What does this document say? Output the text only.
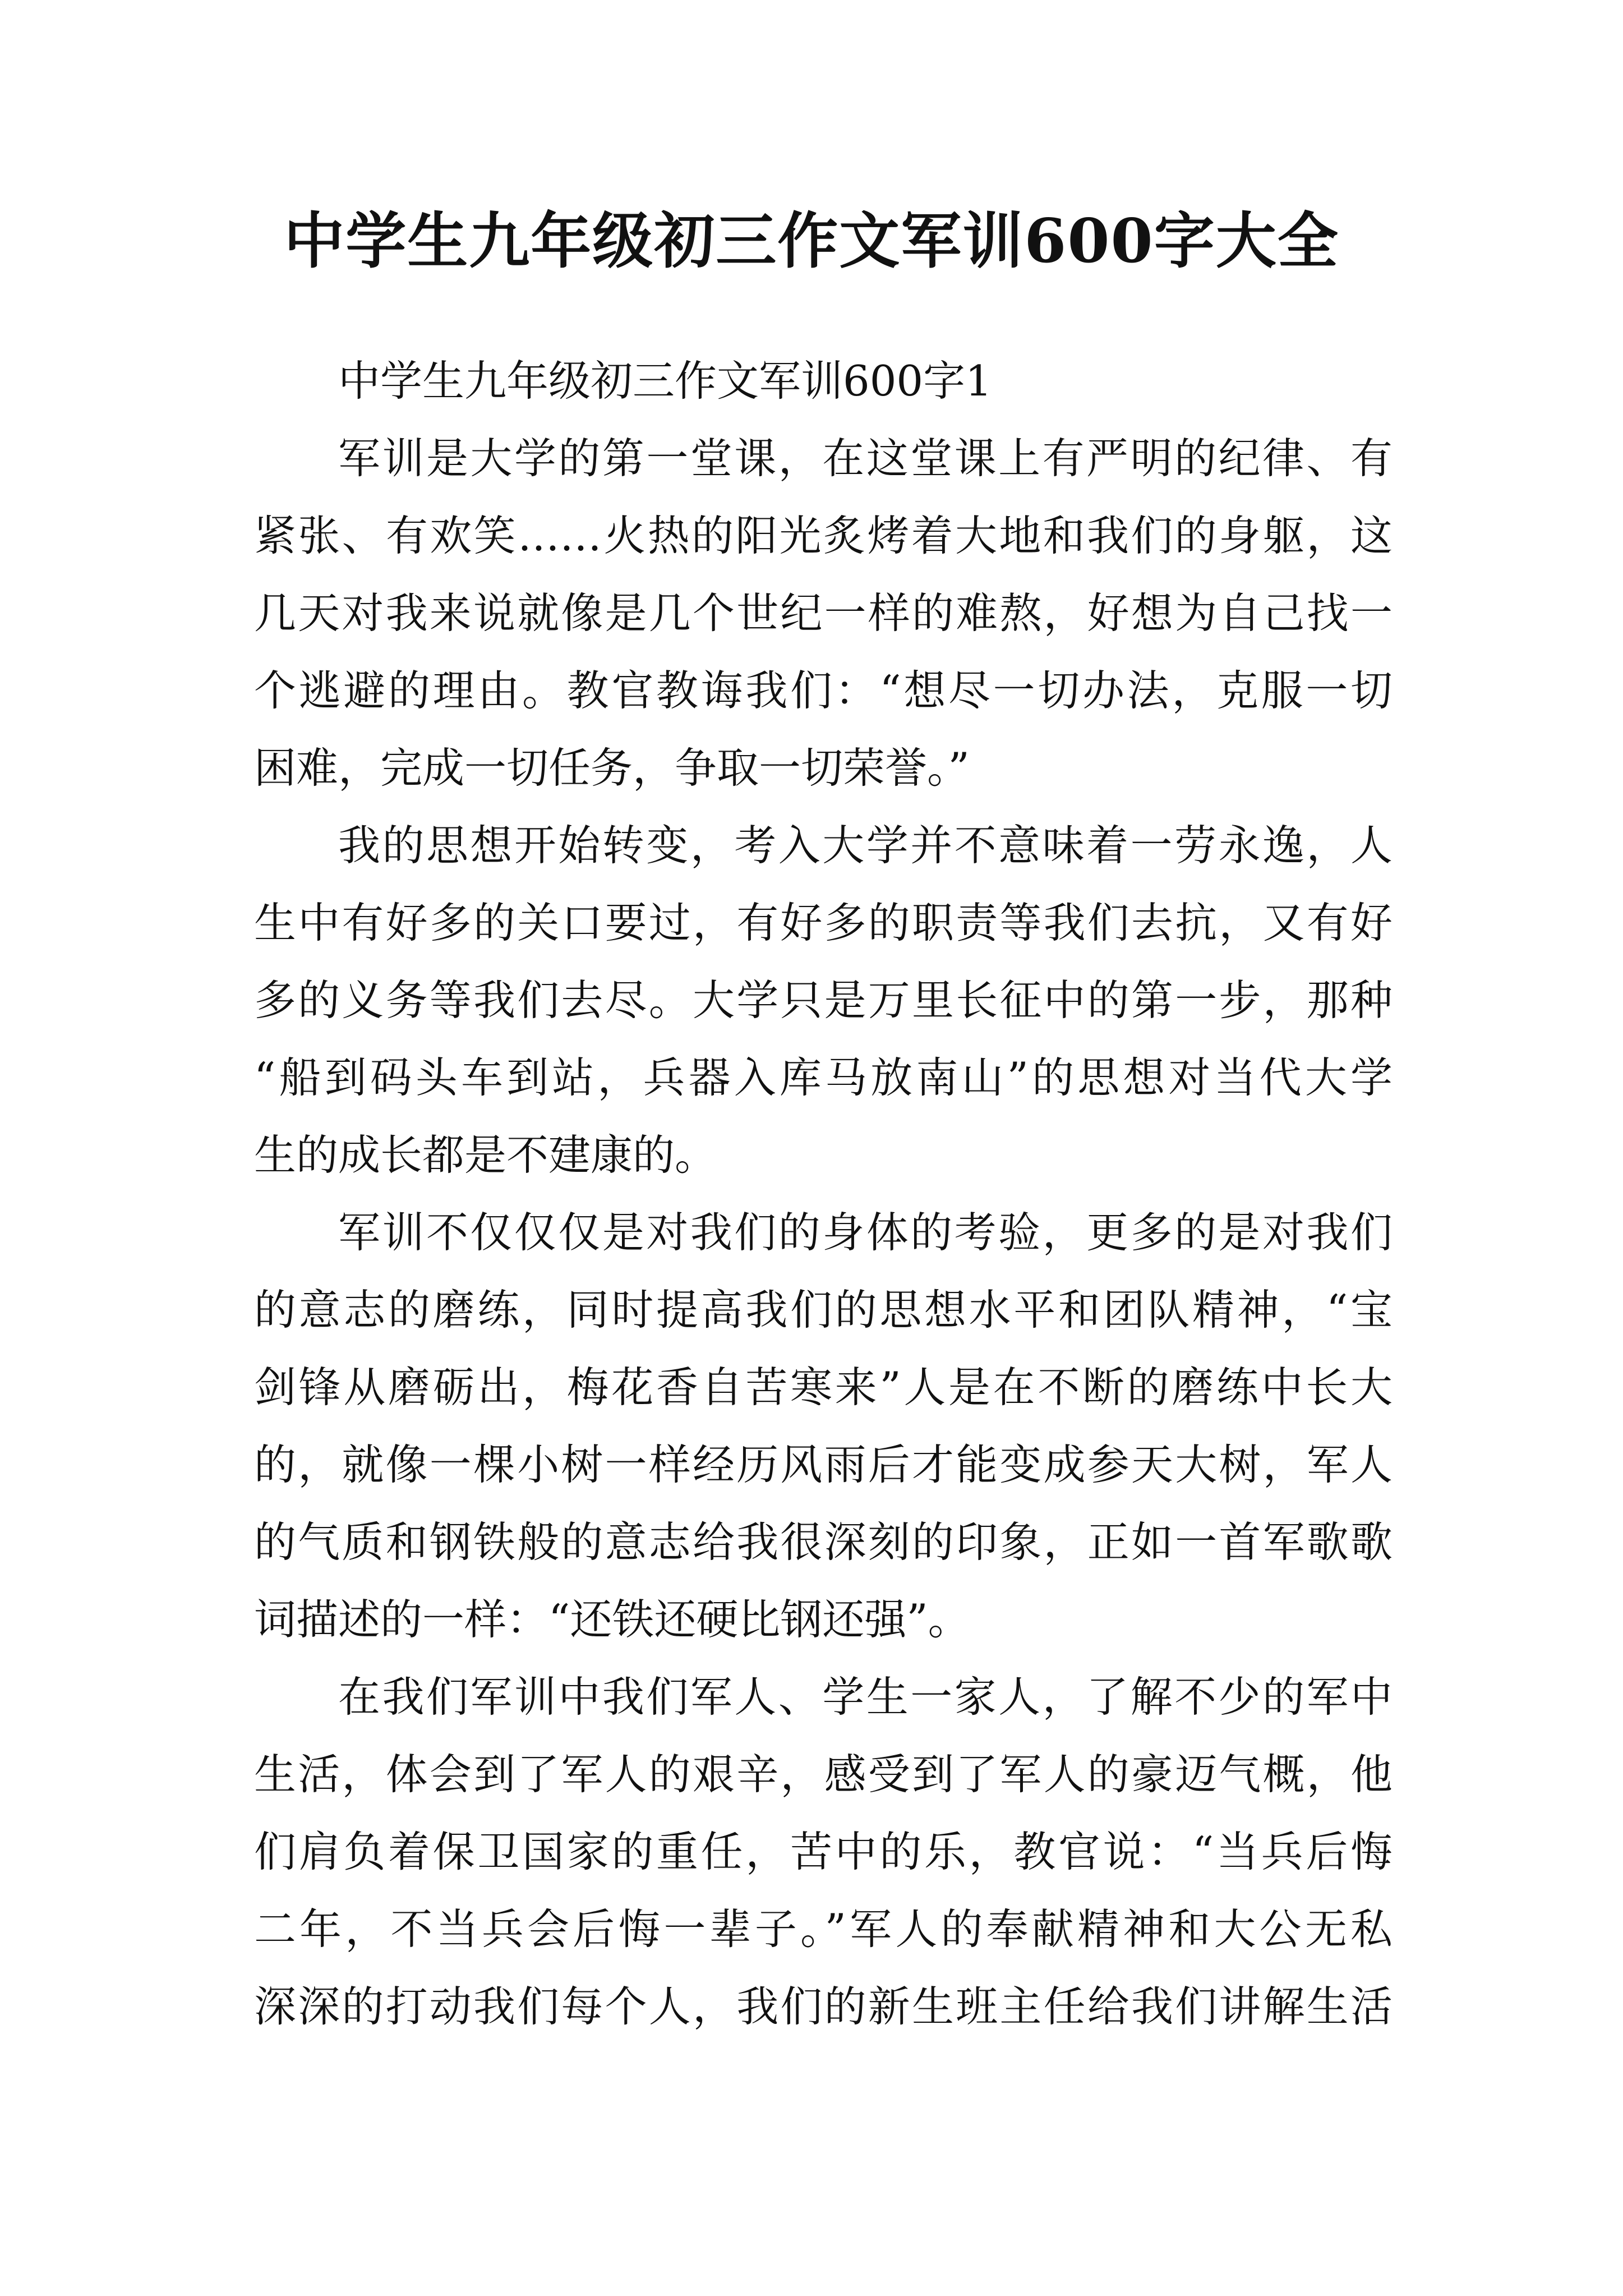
中学生九年级初三作文军训600字大全

中学生九年级初三作文军训600字1

军训是大学的第一堂课，在这堂课上有严明的纪律、有
紧张、有欢笑……火热的阳光炙烤着大地和我们的身躯，这
几天对我来说就像是几个世纪一样的难熬，好想为自己找一
个逃避的理由。教官教诲我们：“想尽一切办法，克服一切
困难，完成一切任务，争取一切荣誉。”

我的思想开始转变，考入大学并不意味着一劳永逸，人
生中有好多的关口要过，有好多的职责等我们去抗，又有好
多的义务等我们去尽。大学只是万里长征中的第一步，那种
“船到码头车到站，兵器入库马放南山”的思想对当代大学
生的成长都是不建康的。

军训不仅仅仅是对我们的身体的考验，更多的是对我们
的意志的磨练，同时提高我们的思想水平和团队精神，“宝
剑锋从磨砺出，梅花香自苦寒来”人是在不断的磨练中长大
的，就像一棵小树一样经历风雨后才能变成参天大树，军人
的气质和钢铁般的意志给我很深刻的印象，正如一首军歌歌
词描述的一样：“还铁还硬比钢还强”。

在我们军训中我们军人、学生一家人，了解不少的军中
生活，体会到了军人的艰辛，感受到了军人的豪迈气概，他
们肩负着保卫国家的重任，苦中的乐，教官说：“当兵后悔
二年，不当兵会后悔一辈子。”军人的奉献精神和大公无私
深深的打动我们每个人，我们的新生班主任给我们讲解生活
